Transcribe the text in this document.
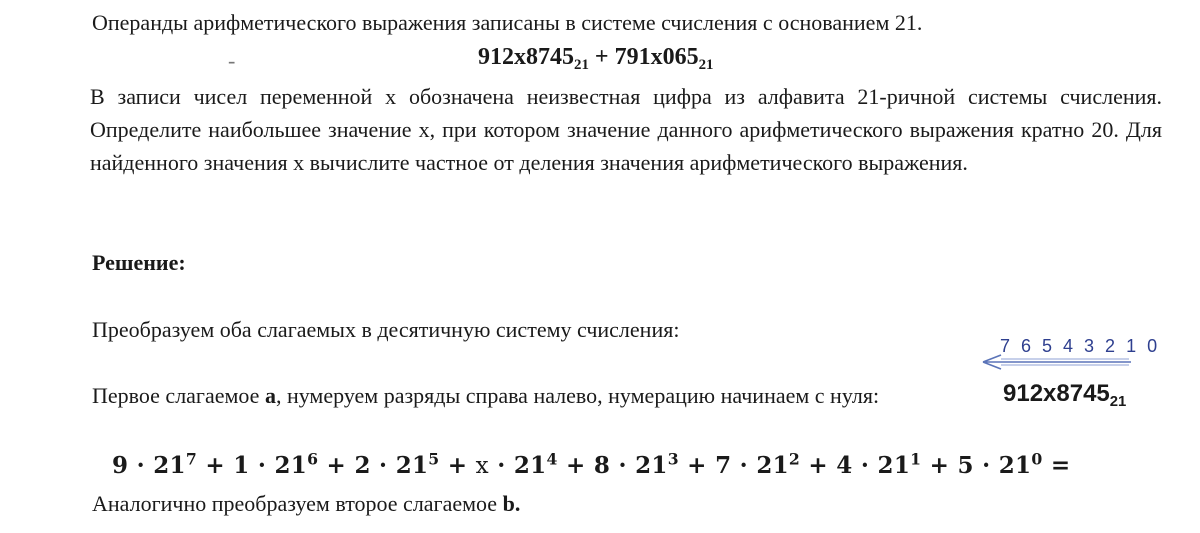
Операнды арифметического выражения записаны в системе счисления с основанием 21.
-	$912x8745_{21} + 791x065_{21}$
В записи чисел переменной x обозначена неизвестная цифра из алфавита 21-ричной системы счисления. Определите наибольшее значение x, при котором значение данного арифметического выражения кратно 20. Для найденного значения x вычислите частное от деления значения арифметического выражения.
Решение:
Преобразуем оба слагаемых в десятичную систему счисления:
7 6 5 4 3 2 1 0
Первое слагаемое a, нумеруем разряды справа налево, нумерацию начинаем с нуля:	$912x8745_{21}$
$9 \cdot 21^7 + 1 \cdot 21^6 + 2 \cdot 21^5 + x \cdot 21^4 + 8 \cdot 21^3 + 7 \cdot 21^2 + 4 \cdot 21^1 + 5 \cdot 21^0$ =
Аналогично преобразуем второе слагаемое b.
